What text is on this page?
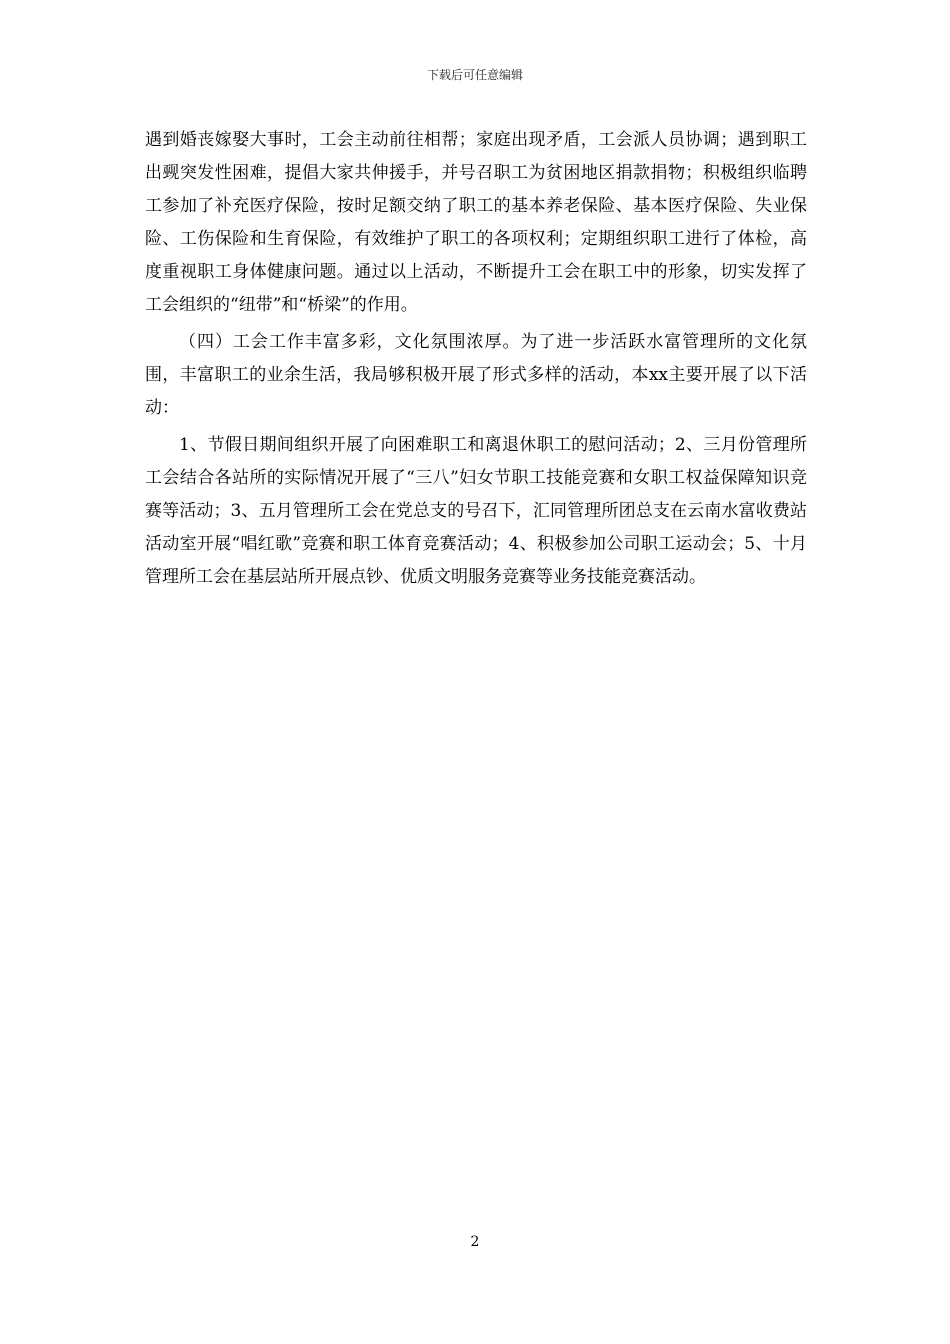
下载后可任意编辑

遇到婚丧嫁娶大事时，工会主动前往相帮；家庭出现矛盾，工会派人员协调；遇到职工出觋突发性困难，提倡大家共伸援手，并号召职工为贫困地区捐款捐物；积极组织临聘工参加了补充医疗保险，按时足额交纳了职工的基本养老保险、基本医疗保险、失业保险、工伤保险和生育保险，有效维护了职工的各项权利；定期组织职工进行了体检，高度重视职工身体健康问题。通过以上活动，不断提升工会在职工中的形象，切实发挥了工会组织的“纽带”和“桥梁”的作用。

（四）工会工作丰富多彩，文化氛围浓厚。为了进一步活跃水富管理所的文化氛围，丰富职工的业余生活，我局够积极开展了形式多样的活动，本xx主要开展了以下活动：

1、节假日期间组织开展了向困难职工和离退休职工的慰问活动；2、三月份管理所工会结合各站所的实际情况开展了“三八”妇女节职工技能竞赛和女职工权益保障知识竞赛等活动；3、五月管理所工会在党总支的号召下，汇同管理所团总支在云南水富收费站活动室开展“唱红歌”竞赛和职工体育竞赛活动；4、积极参加公司职工运动会；5、十月管理所工会在基层站所开展点钞、优质文明服务竞赛等业务技能竞赛活动。

2
